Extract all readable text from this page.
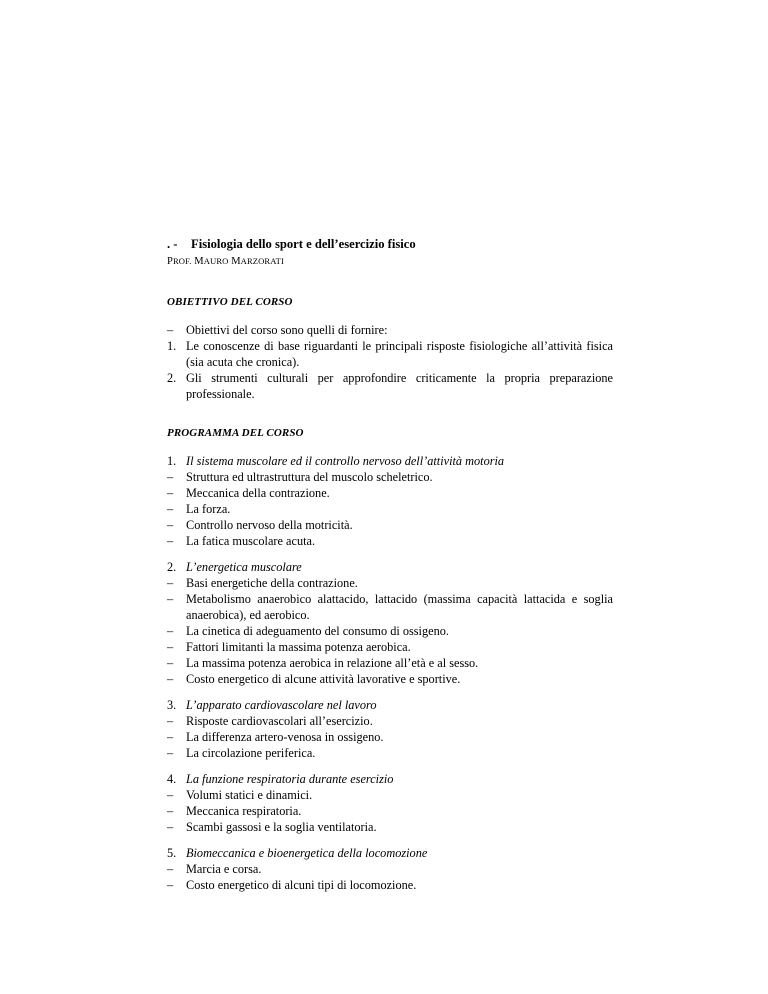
. - Fisiologia dello sport e dell’esercizio fisico

PROF. MAURO MARZORATI

OBIETTIVO DEL CORSO
–	Obiettivi del corso sono quelli di fornire:
1. Le conoscenze di base riguardanti le principali risposte fisiologiche all’attività fisica (sia acuta che cronica).
2. Gli strumenti culturali per approfondire criticamente la propria preparazione professionale.
PROGRAMMA DEL CORSO
1. Il sistema muscolare ed il controllo nervoso dell’attività motoria
–	Struttura ed ultrastruttura del muscolo scheletrico.
–	Meccanica della contrazione.
–	La forza.
–	Controllo nervoso della motricità.
–	La fatica muscolare acuta.
2. L’energetica muscolare
–	Basi energetiche della contrazione.
–	Metabolismo anaerobico alattacido, lattacido (massima capacità lattacida e soglia anaerobica), ed aerobico.
–	La cinetica di adeguamento del consumo di ossigeno.
–	Fattori limitanti la massima potenza aerobica.
–	La massima potenza aerobica in relazione all’età e al sesso.
–	Costo energetico di alcune attività lavorative e sportive.
3. L’apparato cardiovascolare nel lavoro
–	Risposte cardiovascolari all’esercizio.
–	La differenza artero-venosa in ossigeno.
–	La circolazione periferica.
4. La funzione respiratoria durante esercizio
–	Volumi statici e dinamici.
–	Meccanica respiratoria.
–	Scambi gassosi e la soglia ventilatoria.
5. Biomeccanica e bioenergetica della locomozione
–	Marcia e corsa.
–	Costo energetico di alcuni tipi di locomozione.
